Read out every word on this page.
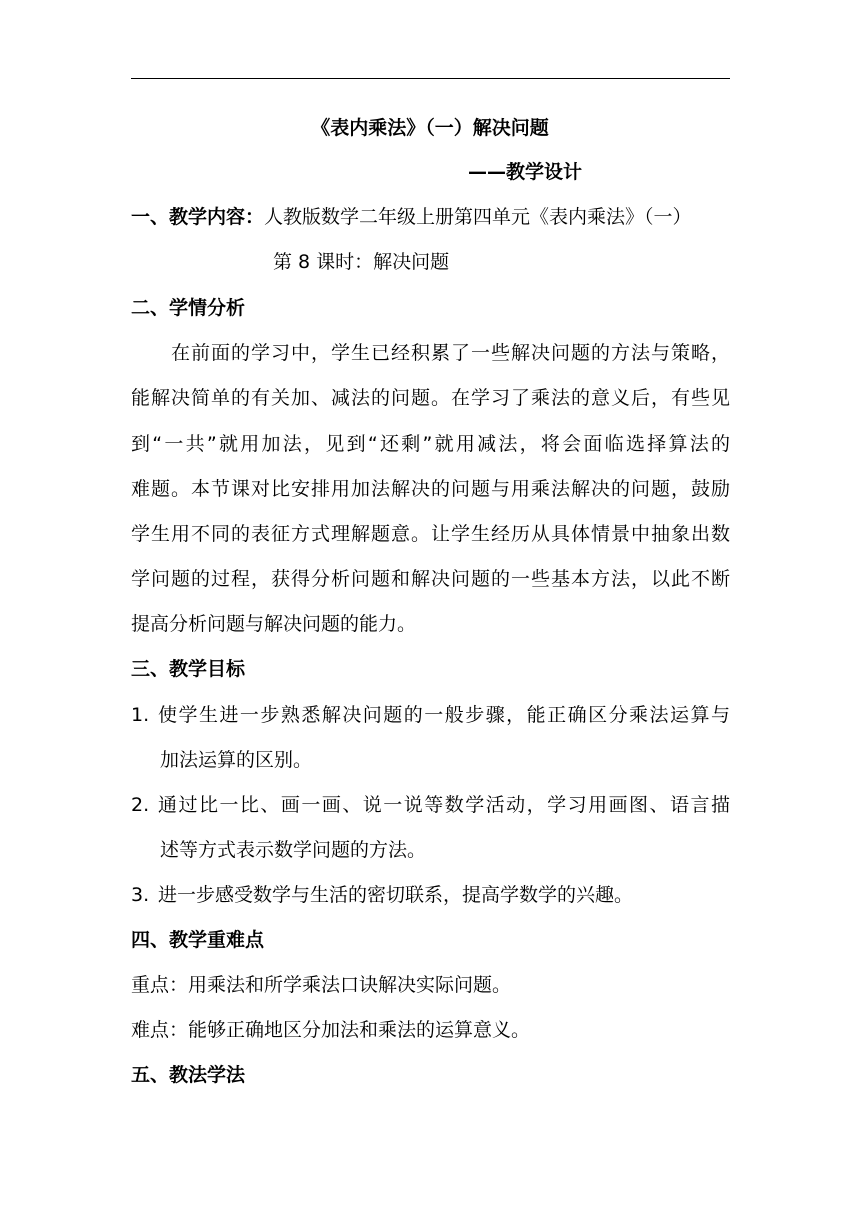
《表内乘法》（一）解决问题
——教学设计
一、教学内容：人教版数学二年级上册第四单元《表内乘法》（一）
第 8 课时：解决问题
二、学情分析
在前面的学习中，学生已经积累了一些解决问题的方法与策略，
能解决简单的有关加、减法的问题。在学习了乘法的意义后，有些见
到“一共”就用加法，见到“还剩”就用减法，将会面临选择算法的
难题。本节课对比安排用加法解决的问题与用乘法解决的问题，鼓励
学生用不同的表征方式理解题意。让学生经历从具体情景中抽象出数
学问题的过程，获得分析问题和解决问题的一些基本方法，以此不断
提高分析问题与解决问题的能力。
三、教学目标
1. 使学生进一步熟悉解决问题的一般步骤，能正确区分乘法运算与
加法运算的区别。
2. 通过比一比、画一画、说一说等数学活动，学习用画图、语言描
述等方式表示数学问题的方法。
3. 进一步感受数学与生活的密切联系，提高学数学的兴趣。
四、教学重难点
重点：用乘法和所学乘法口诀解决实际问题。
难点：能够正确地区分加法和乘法的运算意义。
五、教法学法
